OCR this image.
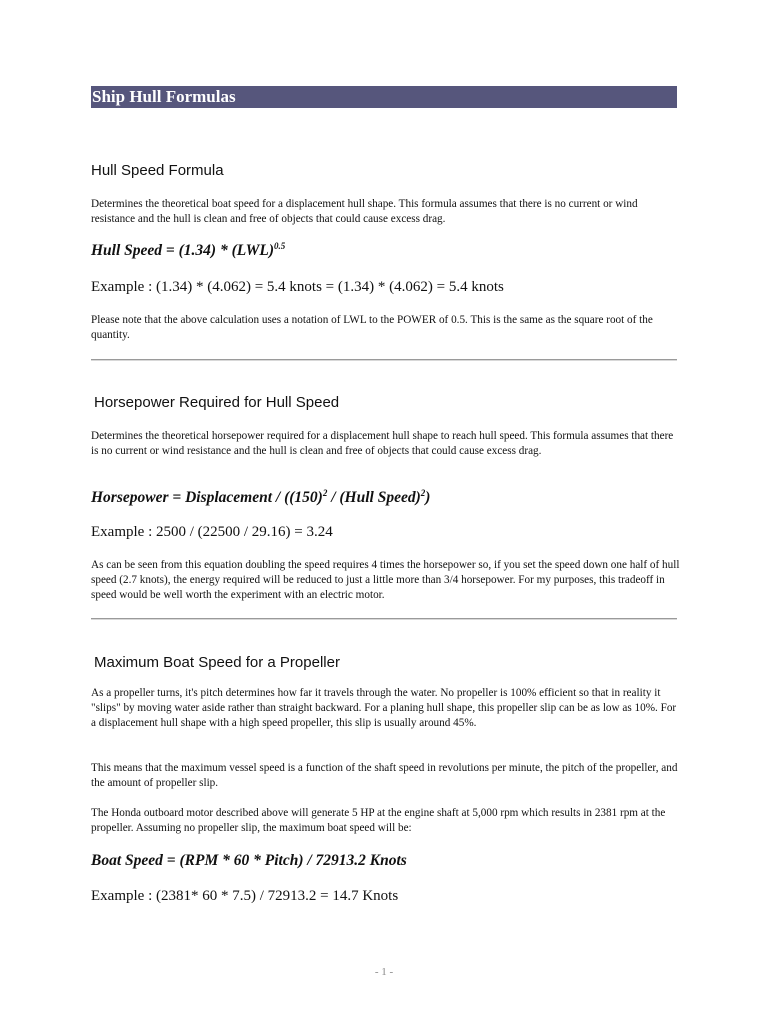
Ship Hull Formulas
Hull Speed Formula
Determines the theoretical boat speed for a displacement hull shape. This formula assumes that there is no current or wind resistance and the hull is clean and free of objects that could cause excess drag.
Hull Speed = (1.34) * (LWL)$^{0.5}$
Example : (1.34) * (4.062) = 5.4 knots = (1.34) * (4.062) = 5.4 knots
Please note that the above calculation uses a notation of LWL to the POWER of 0.5. This is the same as the square root of the quantity.
Horsepower Required for Hull Speed
Determines the theoretical horsepower required for a displacement hull shape to reach hull speed. This formula assumes that there is no current or wind resistance and the hull is clean and free of objects that could cause excess drag.
Horsepower = Displacement / ($(150)^2$ / (Hull Speed)$^2$)
Example : 2500 / (22500 / 29.16) = 3.24
As can be seen from this equation doubling the speed requires 4 times the horsepower so, if you set the speed down one half of hull speed (2.7 knots), the energy required will be reduced to just a little more than 3/4 horsepower. For my purposes, this tradeoff in speed would be well worth the experiment with an electric motor.
Maximum Boat Speed for a Propeller
As a propeller turns, it's pitch determines how far it travels through the water. No propeller is 100% efficient so that in reality it "slips" by moving water aside rather than straight backward. For a planing hull shape, this propeller slip can be as low as 10%. For a displacement hull shape with a high speed propeller, this slip is usually around 45%.
This means that the maximum vessel speed is a function of the shaft speed in revolutions per minute, the pitch of the propeller, and the amount of propeller slip.
The Honda outboard motor described above will generate 5 HP at the engine shaft at 5,000 rpm which results in 2381 rpm at the propeller. Assuming no propeller slip, the maximum boat speed will be:
Boat Speed = (RPM * 60 * Pitch) / 72913.2 Knots
Example : (2381* 60 * 7.5) / 72913.2 = 14.7 Knots
- 1 -
